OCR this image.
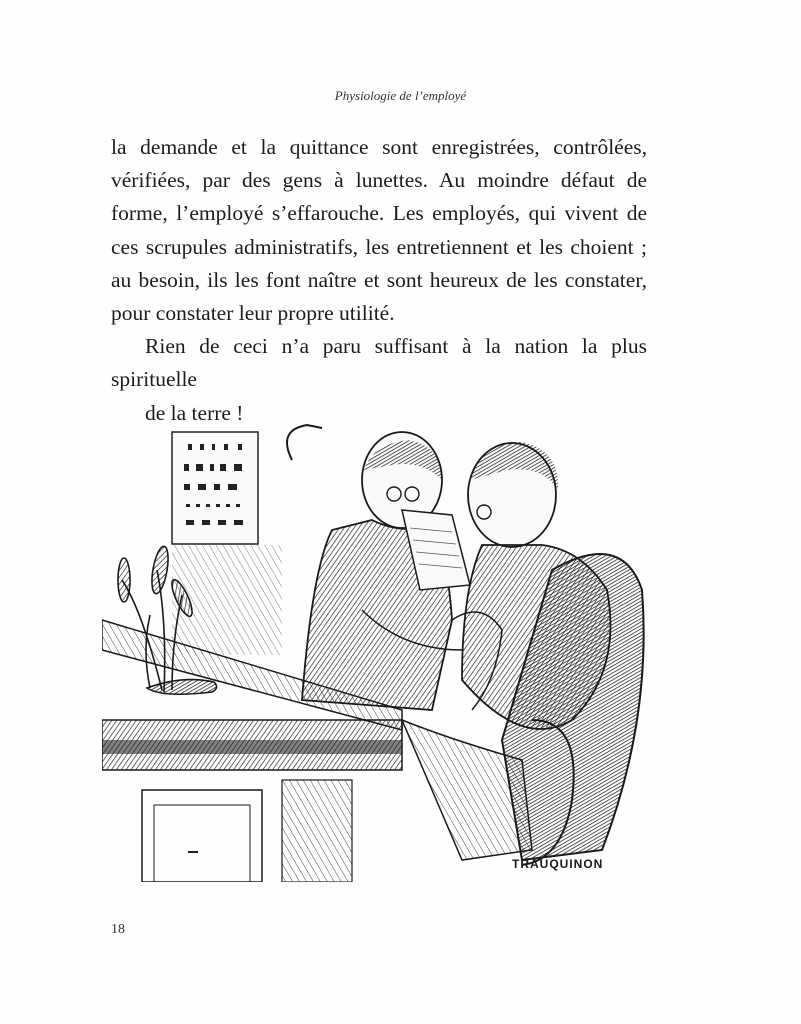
Physiologie de l’employé

la demande et la quittance sont enregistrées, contrôlées,
vérifiées, par des gens à lunettes. Au moindre défaut de
forme, l’employé s’effarouche. Les employés, qui vivent de
ces scrupules administratifs, les entretiennent et les choient ;
au besoin, ils les font naître et sont heureux de les constater,
pour constater leur propre utilité.

Rien de ceci n’a paru suffisant à la nation la plus spirituelle
de la terre !

TRAUQUINON
18
